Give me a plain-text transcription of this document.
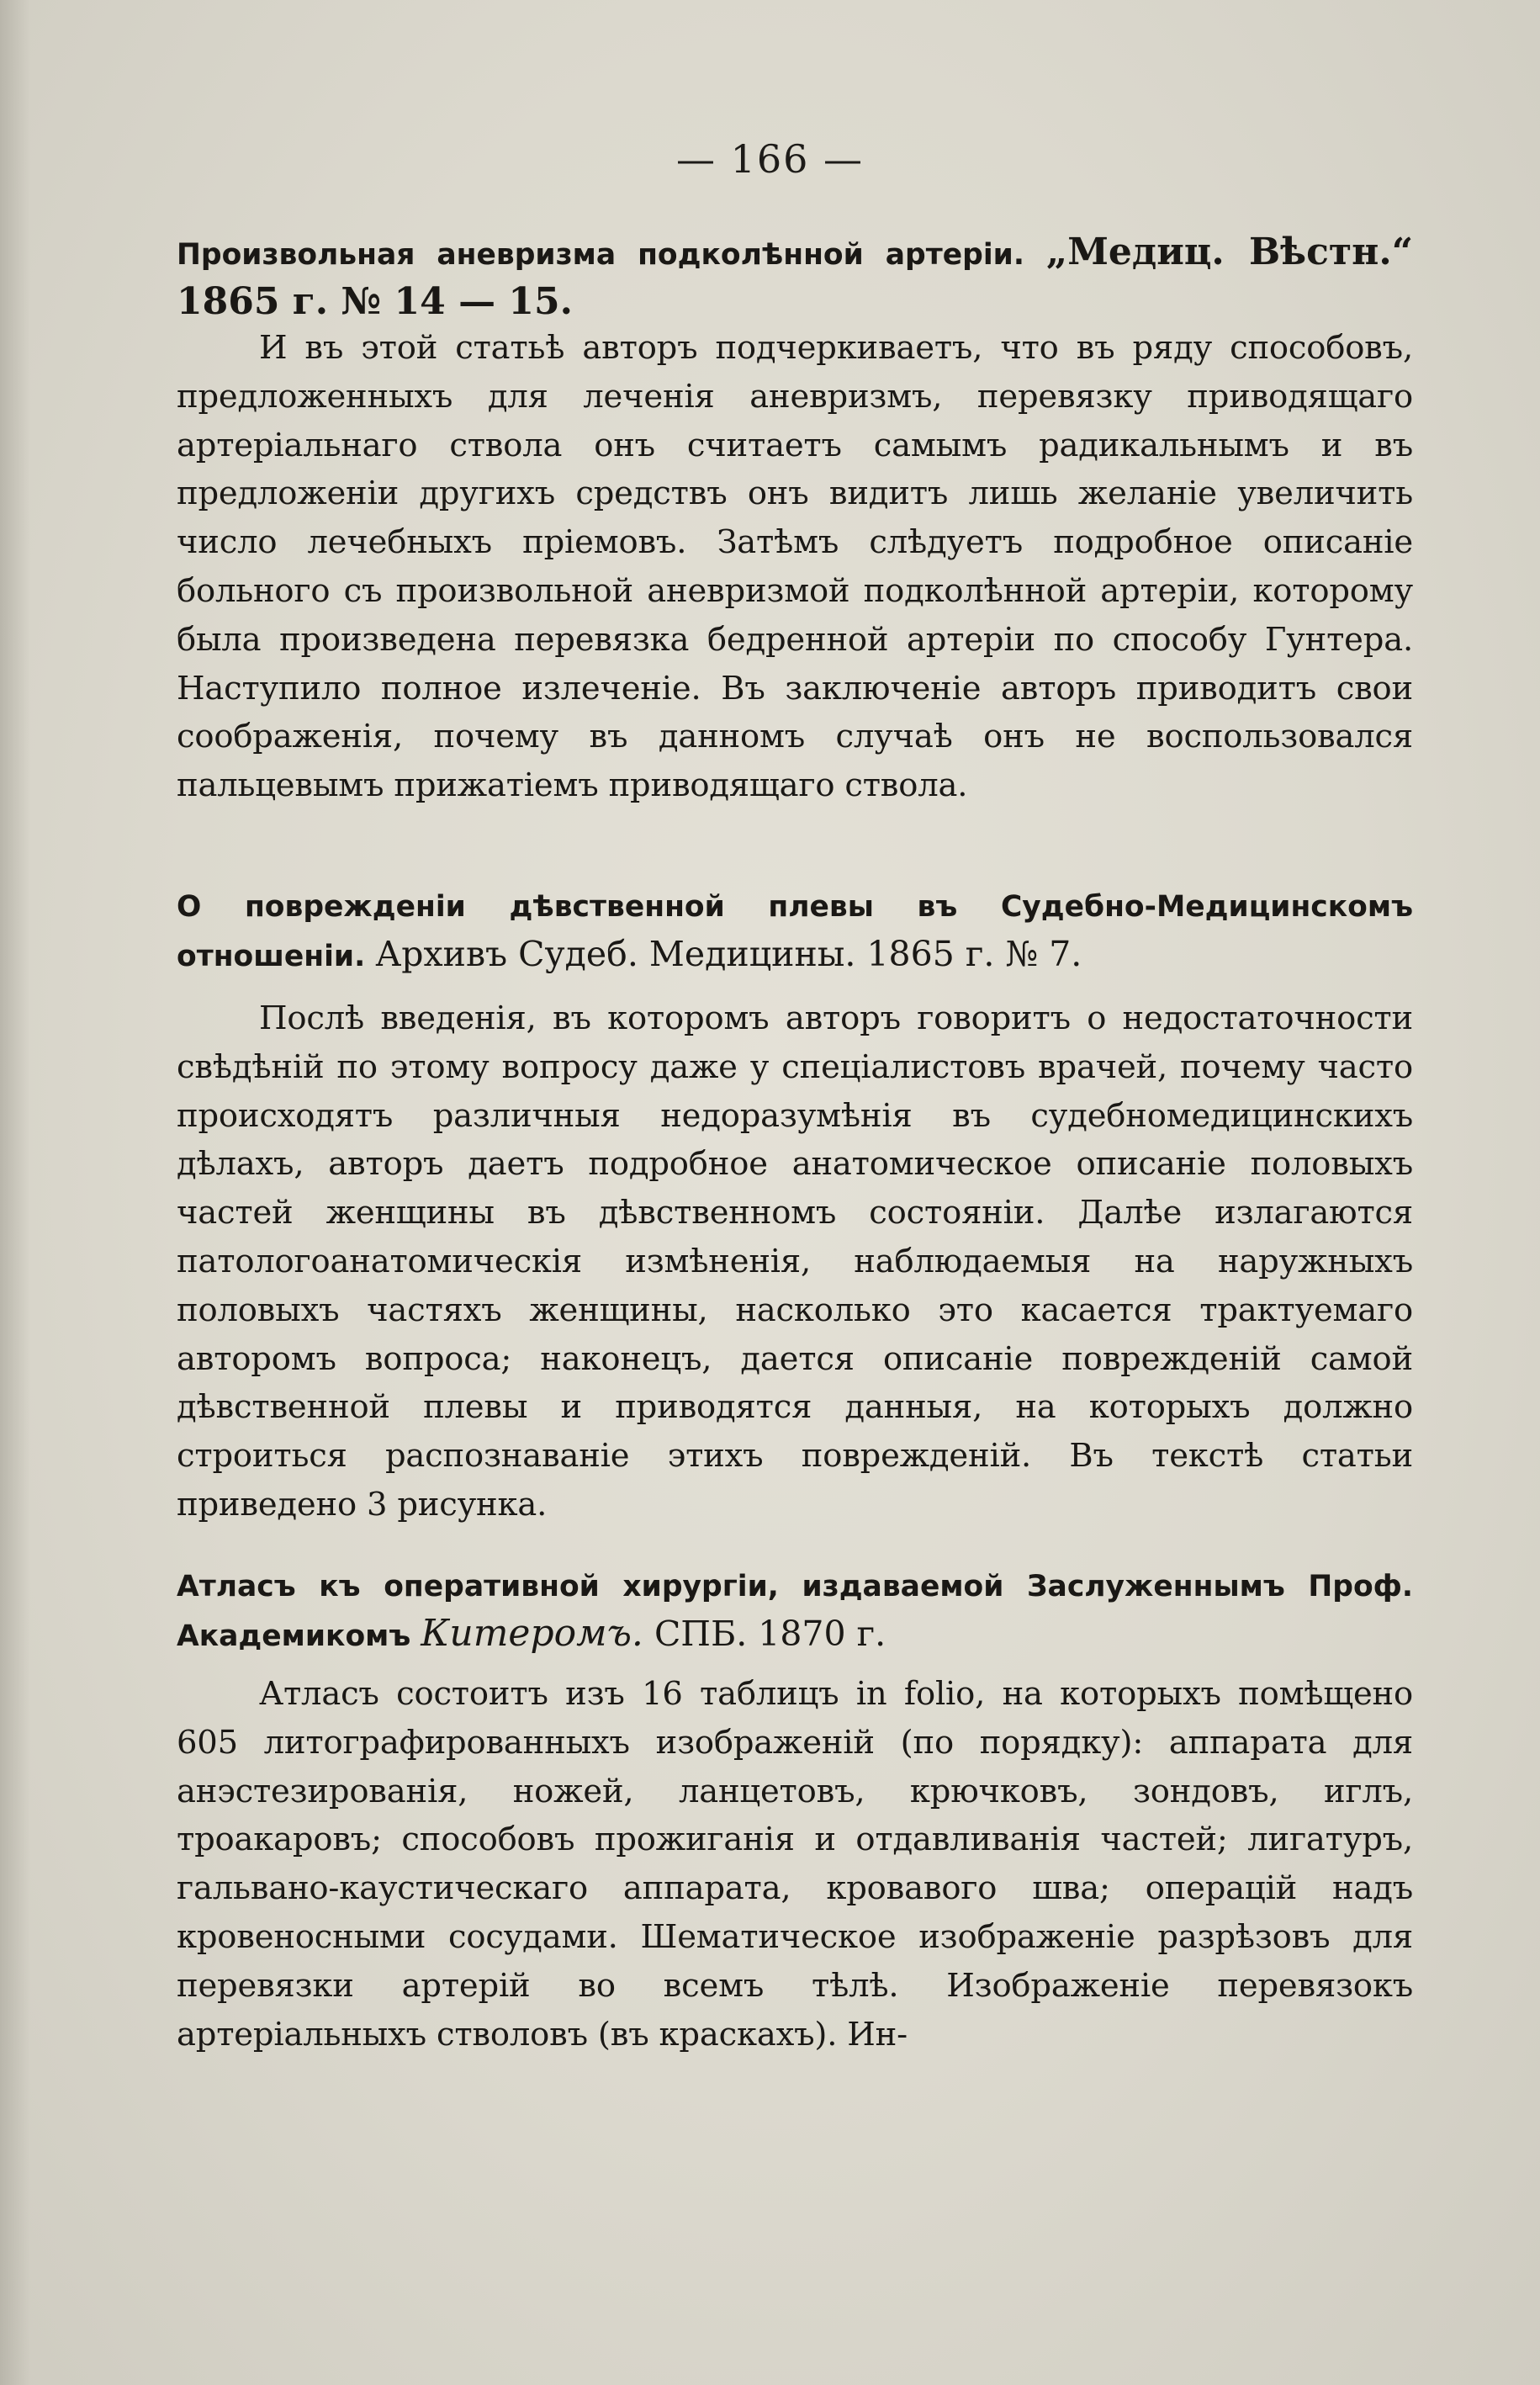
— 166 —
Произвольная аневризма подколѣнной артеріи. „Медиц. Вѣстн.“ 1865 г. № 14 — 15.
И въ этой статьѣ авторъ подчеркиваетъ, что въ ряду способовъ, предложенныхъ для леченія аневризмъ, перевязку приводящаго артеріальнаго ствола онъ считаетъ самымъ радикальнымъ и въ предложеніи другихъ средствъ онъ видитъ лишь желаніе увеличить число лечебныхъ пріемовъ. Затѣмъ слѣдуетъ подробное описаніе больного съ произвольной аневризмой подколѣнной артеріи, которому была произведена перевязка бедренной артеріи по способу Гунтера. Наступило полное излеченіе. Въ заключеніе авторъ приводитъ свои соображенія, почему въ данномъ случаѣ онъ не воспользовался пальцевымъ прижатіемъ приводящаго ствола.
О поврежденіи дѣвственной плевы въ Судебно-Медицинскомъ отношеніи. Архивъ Судеб. Медицины. 1865 г. № 7.
Послѣ введенія, въ которомъ авторъ говоритъ о недостаточности свѣдѣній по этому вопросу даже у спеціалистовъ врачей, почему часто происходятъ различныя недоразумѣнія въ судебномедицинскихъ дѣлахъ, авторъ даетъ подробное анатомическое описаніе половыхъ частей женщины въ дѣвственномъ состояніи. Далѣе излагаются патологоанатомическія измѣненія, наблюдаемыя на наружныхъ половыхъ частяхъ женщины, насколько это касается трактуемаго авторомъ вопроса; наконецъ, дается описаніе поврежденій самой дѣвственной плевы и приводятся данныя, на которыхъ должно строиться распознаваніе этихъ поврежденій. Въ текстѣ статьи приведено 3 рисунка.
Атласъ къ оперативной хирургіи, издаваемой Заслуженнымъ Проф. Академикомъ Китеромъ. СПБ. 1870 г.
Атласъ состоитъ изъ 16 таблицъ in folio, на которыхъ помѣщено 605 литографированныхъ изображеній (по порядку): аппарата для анэстезированія, ножей, ланцетовъ, крючковъ, зондовъ, иглъ, троакаровъ; способовъ прожиганія и отдавливанія частей; лигатуръ, гальвано-каустическаго аппарата, кровавого шва; операцій надъ кровеносными сосудами. Шематическое изображеніе разрѣзовъ для перевязки артерій во всемъ тѣлѣ. Изображеніе перевязокъ артеріальныхъ стволовъ (въ краскахъ). Ин-
